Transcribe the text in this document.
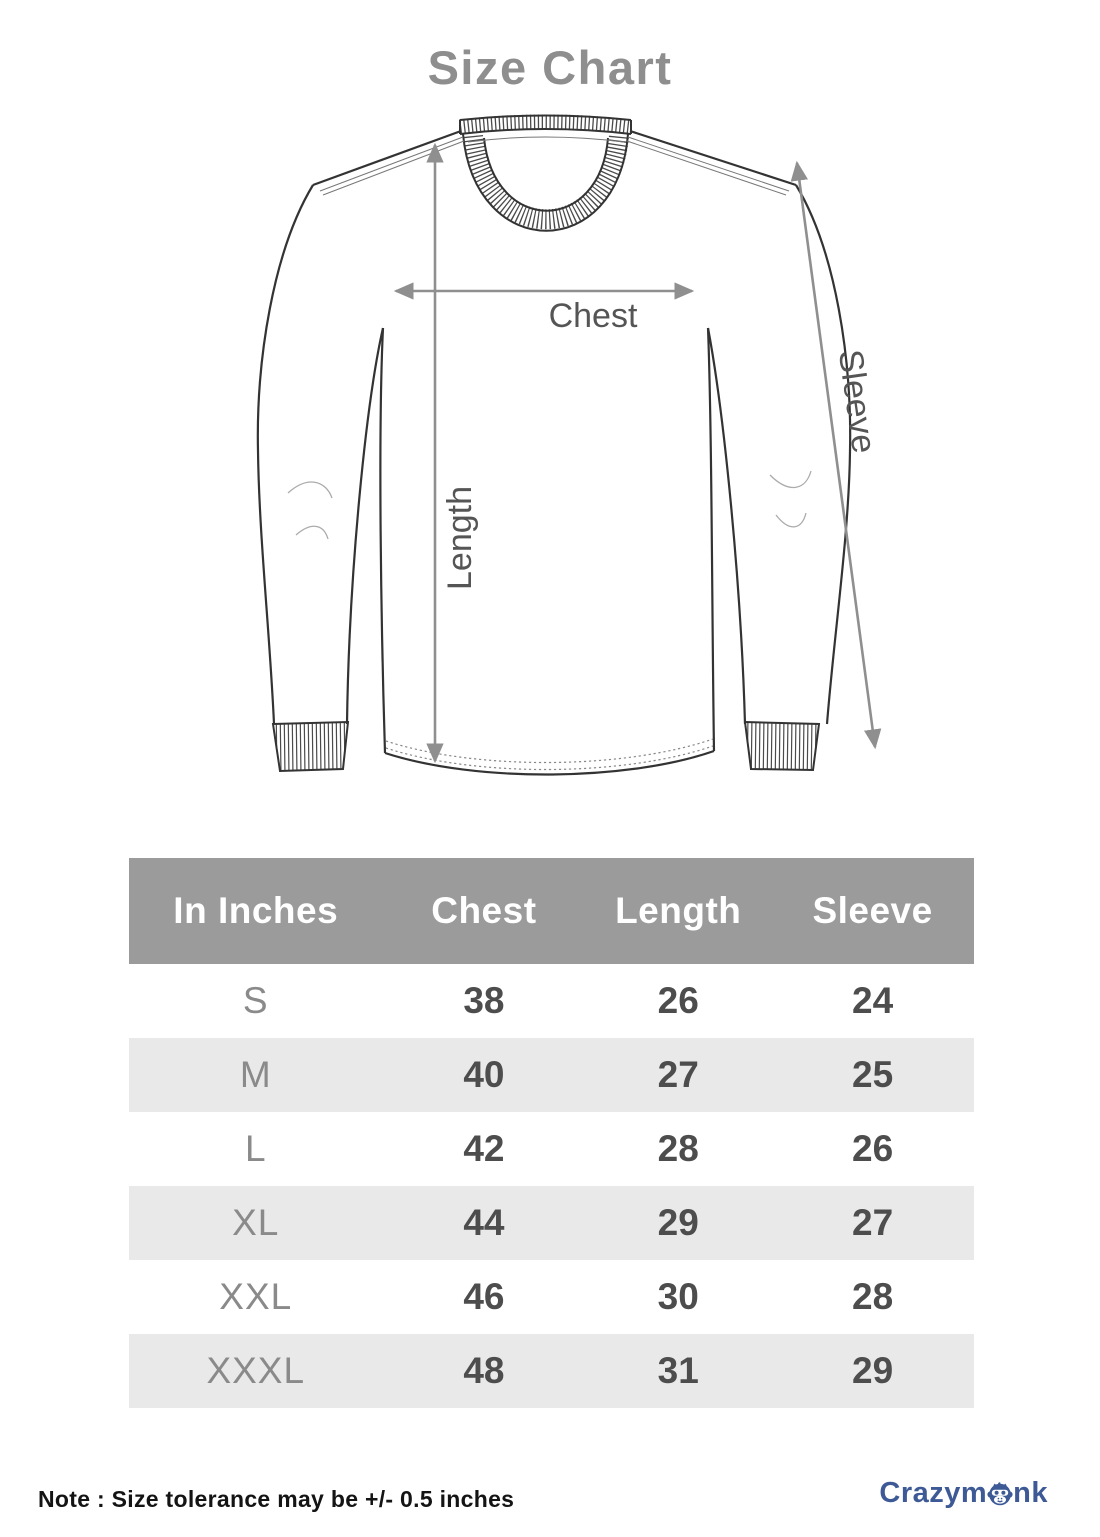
Size Chart
Chest
Length
Sleeve
In Inches	Chest	Length	Sleeve
S	38	26	24
M	40	27	25
L	42	28	26
XL	44	29	27
XXL	46	30	28
XXXL	48	31	29
Note : Size tolerance may be +/- 0.5 inches	Crazym nk
